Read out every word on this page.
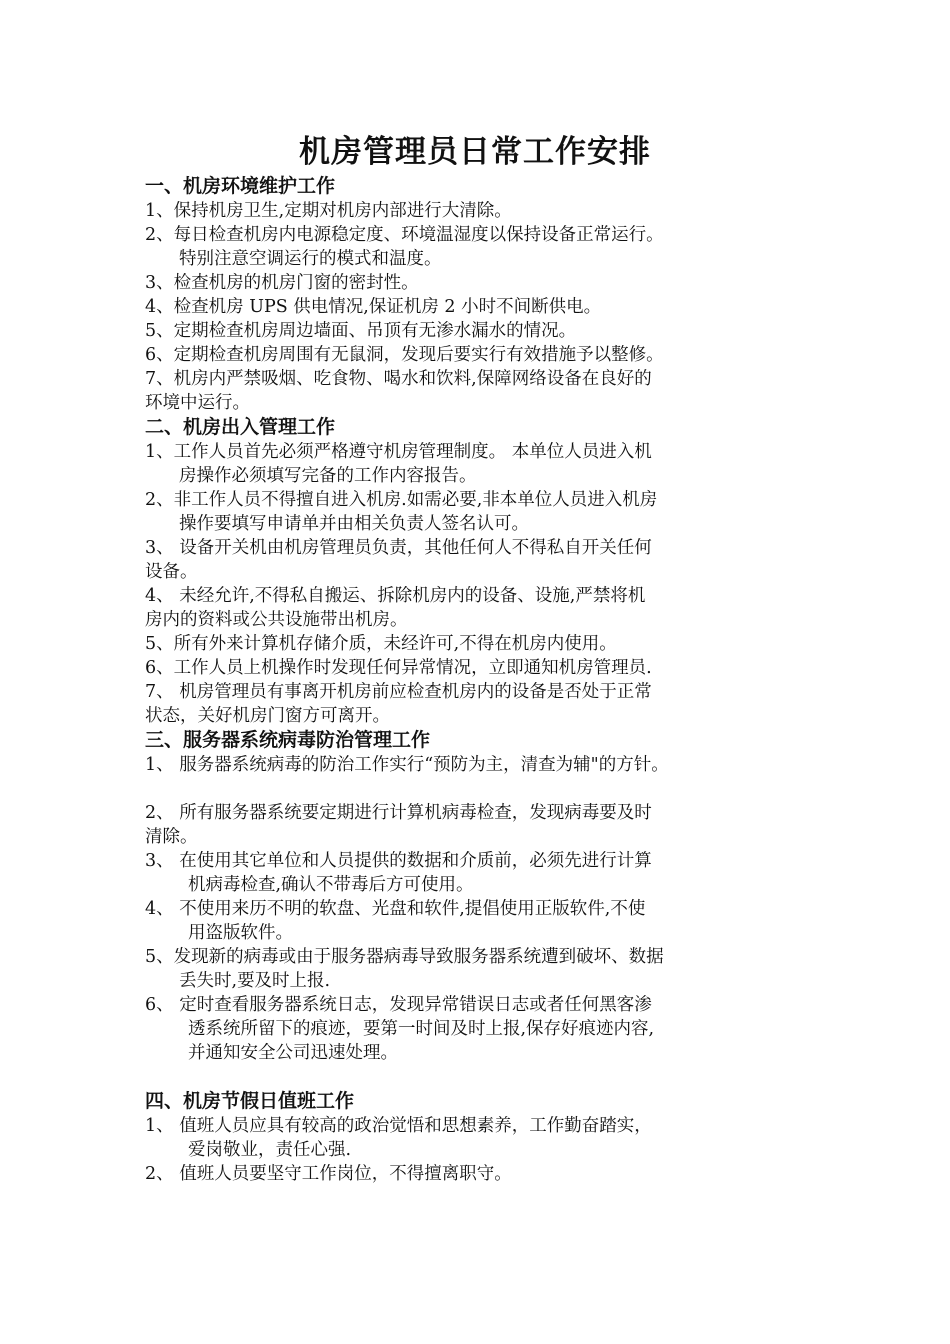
机房管理员日常工作安排
一、机房环境维护工作
1、保持机房卫生,定期对机房内部进行大清除。
2、每日检查机房内电源稳定度、环境温湿度以保持设备正常运行。
特别注意空调运行的模式和温度。
3、检查机房的机房门窗的密封性。
4、检查机房 UPS 供电情况,保证机房 2 小时不间断供电。
5、定期检查机房周边墙面、吊顶有无渗水漏水的情况。
6、定期检查机房周围有无鼠洞，发现后要实行有效措施予以整修。
7、机房内严禁吸烟、吃食物、喝水和饮料,保障网络设备在良好的
环境中运行。
二、机房出入管理工作
1、工作人员首先必须严格遵守机房管理制度。 本单位人员进入机
房操作必须填写完备的工作内容报告。
2、非工作人员不得擅自进入机房.如需必要,非本单位人员进入机房
操作要填写申请单并由相关负责人签名认可。
3、 设备开关机由机房管理员负责，其他任何人不得私自开关任何
设备。
4、 未经允许,不得私自搬运、拆除机房内的设备、设施,严禁将机
房内的资料或公共设施带出机房。
5、所有外来计算机存储介质，未经许可,不得在机房内使用。
6、工作人员上机操作时发现任何异常情况，立即通知机房管理员.
7、 机房管理员有事离开机房前应检查机房内的设备是否处于正常
状态，关好机房门窗方可离开。
三、服务器系统病毒防治管理工作
1、 服务器系统病毒的防治工作实行“预防为主，清查为辅"的方针。
2、 所有服务器系统要定期进行计算机病毒检查，发现病毒要及时
清除。
3、 在使用其它单位和人员提供的数据和介质前，必须先进行计算
机病毒检查,确认不带毒后方可使用。
4、 不使用来历不明的软盘、光盘和软件,提倡使用正版软件,不使
用盗版软件。
5、发现新的病毒或由于服务器病毒导致服务器系统遭到破坏、数据
丢失时,要及时上报.
6、 定时查看服务器系统日志，发现异常错误日志或者任何黑客渗
透系统所留下的痕迹，要第一时间及时上报,保存好痕迹内容,
并通知安全公司迅速处理。
四、机房节假日值班工作
1、 值班人员应具有较高的政治觉悟和思想素养，工作勤奋踏实，
爱岗敬业，责任心强.
2、 值班人员要坚守工作岗位，不得擅离职守。
